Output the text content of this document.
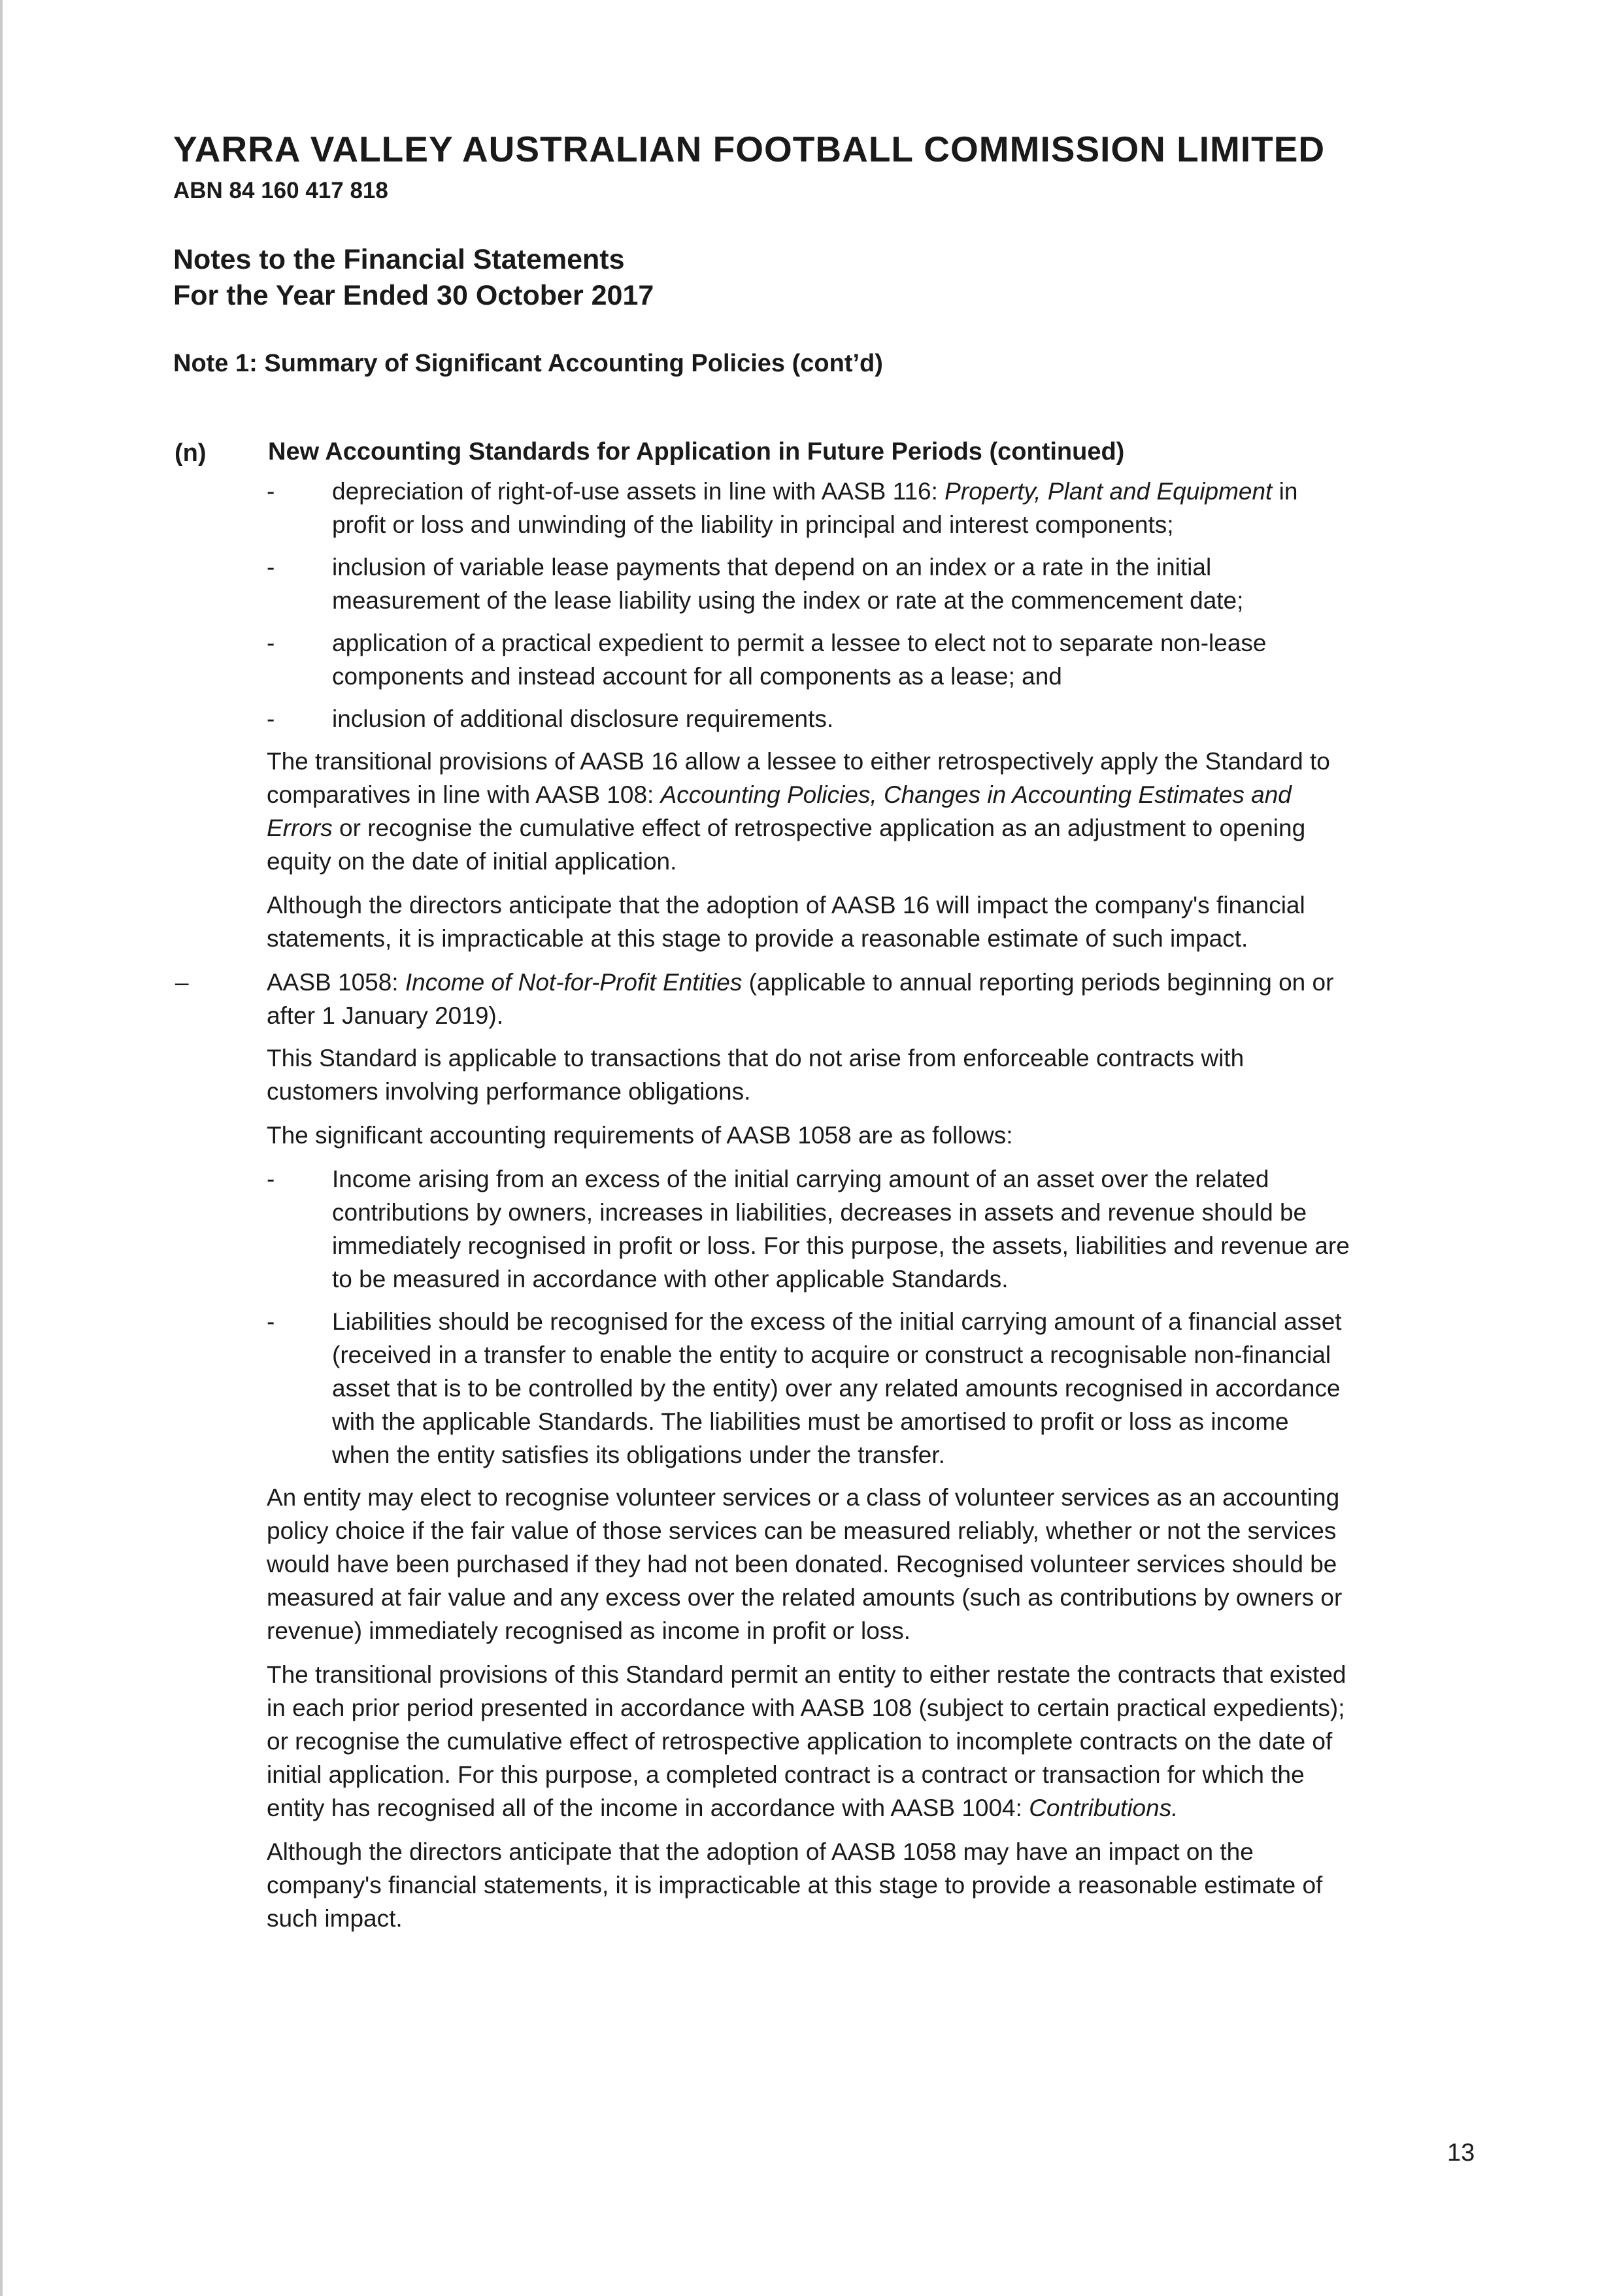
YARRA VALLEY AUSTRALIAN FOOTBALL COMMISSION LIMITED
ABN 84 160 417 818
Notes to the Financial Statements
For the Year Ended 30 October 2017
Note 1: Summary of Significant Accounting Policies (cont’d)
(n) New Accounting Standards for Application in Future Periods (continued)
- depreciation of right-of-use assets in line with AASB 116: Property, Plant and Equipment in profit or loss and unwinding of the liability in principal and interest components;
- inclusion of variable lease payments that depend on an index or a rate in the initial measurement of the lease liability using the index or rate at the commencement date;
- application of a practical expedient to permit a lessee to elect not to separate non-lease components and instead account for all components as a lease; and
- inclusion of additional disclosure requirements.

The transitional provisions of AASB 16 allow a lessee to either retrospectively apply the Standard to comparatives in line with AASB 108: Accounting Policies, Changes in Accounting Estimates and Errors or recognise the cumulative effect of retrospective application as an adjustment to opening equity on the date of initial application.

Although the directors anticipate that the adoption of AASB 16 will impact the company's financial statements, it is impracticable at this stage to provide a reasonable estimate of such impact.

–	AASB 1058: Income of Not-for-Profit Entities (applicable to annual reporting periods beginning on or after 1 January 2019).

This Standard is applicable to transactions that do not arise from enforceable contracts with customers involving performance obligations.

The significant accounting requirements of AASB 1058 are as follows:

- Income arising from an excess of the initial carrying amount of an asset over the related contributions by owners, increases in liabilities, decreases in assets and revenue should be immediately recognised in profit or loss. For this purpose, the assets, liabilities and revenue are to be measured in accordance with other applicable Standards.
- Liabilities should be recognised for the excess of the initial carrying amount of a financial asset (received in a transfer to enable the entity to acquire or construct a recognisable non-financial asset that is to be controlled by the entity) over any related amounts recognised in accordance with the applicable Standards. The liabilities must be amortised to profit or loss as income when the entity satisfies its obligations under the transfer.

An entity may elect to recognise volunteer services or a class of volunteer services as an accounting policy choice if the fair value of those services can be measured reliably, whether or not the services would have been purchased if they had not been donated. Recognised volunteer services should be measured at fair value and any excess over the related amounts (such as contributions by owners or revenue) immediately recognised as income in profit or loss.

The transitional provisions of this Standard permit an entity to either restate the contracts that existed in each prior period presented in accordance with AASB 108 (subject to certain practical expedients); or recognise the cumulative effect of retrospective application to incomplete contracts on the date of initial application. For this purpose, a completed contract is a contract or transaction for which the entity has recognised all of the income in accordance with AASB 1004: Contributions.

Although the directors anticipate that the adoption of AASB 1058 may have an impact on the company's financial statements, it is impracticable at this stage to provide a reasonable estimate of such impact.

13
